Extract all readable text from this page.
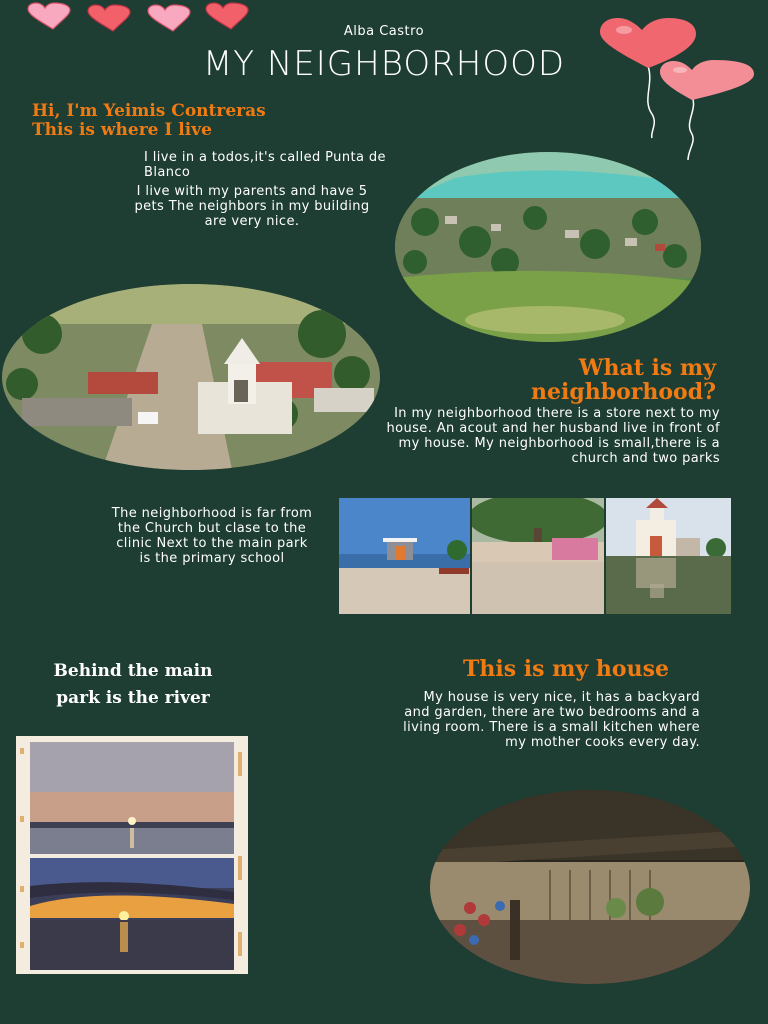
Alba Castro
MY NEIGHBORHOOD
Hi, I'm Yeimis Contreras
This is where I live
I live in a todos,it's called Punta de Blanco
I live with my parents and have 5 pets The neighbors in my building are very nice.
What is my neighborhood?
In my neighborhood there is a store next to my house. An acout and her husband live in front of my house. My neighborhood is small,there is a church and two parks
The neighborhood is far from the Church but clase to the clinic Next to the main park is the primary school
Behind the main park is the river
This is my house
My house is very nice, it has a backyard and garden, there are two bedrooms and a living room. There is a small kitchen where my mother cooks every day.
